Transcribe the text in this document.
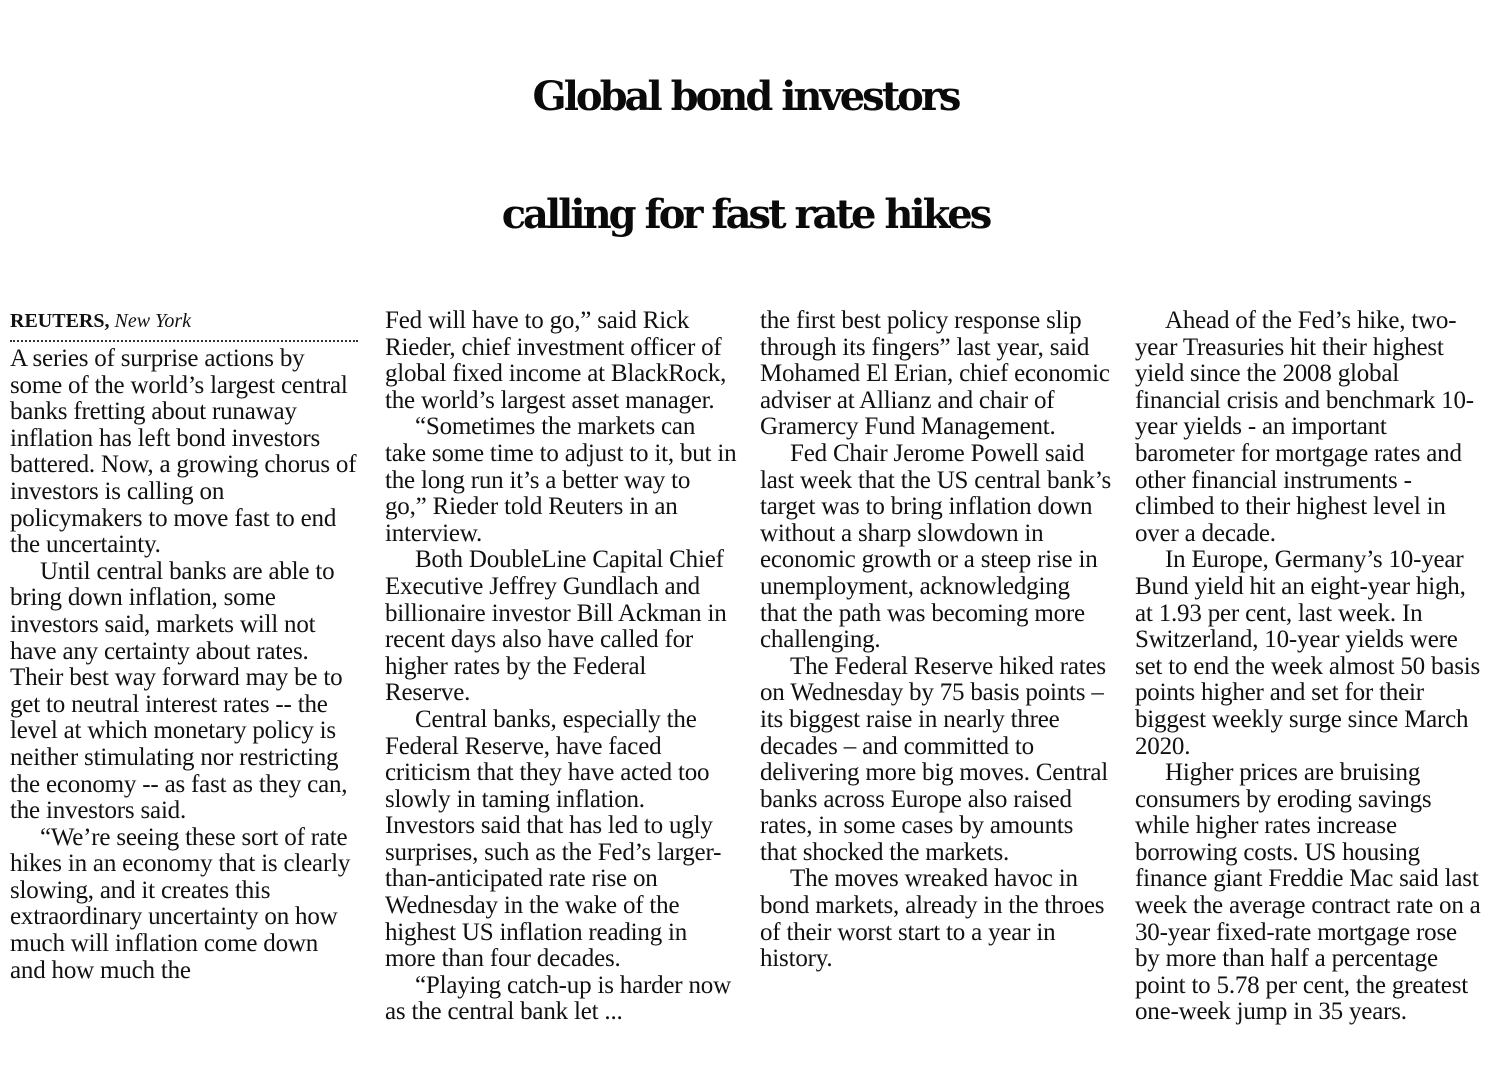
Global bond investors
calling for fast rate hikes
REUTERS, New York

A series of surprise actions by some of the world’s largest central banks fretting about runaway inflation has left bond investors battered. Now, a growing chorus of investors is calling on policymakers to move fast to end the uncertainty.

Until central banks are able to bring down inflation, some investors said, markets will not have any certainty about rates. Their best way forward may be to get to neutral interest rates -- the level at which monetary policy is neither stimulating nor restricting the economy -- as fast as they can, the investors said.

“We’re seeing these sort of rate hikes in an economy that is clearly slowing, and it creates this extraordinary uncertainty on how much will inflation come down and how much the

Fed will have to go,” said Rick Rieder, chief investment officer of global fixed income at BlackRock, the world’s largest asset manager.

“Sometimes the markets can take some time to adjust to it, but in the long run it’s a better way to go,” Rieder told Reuters in an interview.

Both DoubleLine Capital Chief Executive Jeffrey Gundlach and billionaire investor Bill Ackman in recent days also have called for higher rates by the Federal Reserve.

Central banks, especially the Federal Reserve, have faced criticism that they have acted too slowly in taming inflation. Investors said that has led to ugly surprises, such as the Fed’s larger-than-anticipated rate rise on Wednesday in the wake of the highest US inflation reading in more than four decades.

“Playing catch-up is harder now as the central bank let ...

the first best policy response slip through its fingers” last year, said Mohamed El Erian, chief economic adviser at Allianz and chair of Gramercy Fund Management.

Fed Chair Jerome Powell said last week that the US central bank’s target was to bring inflation down without a sharp slowdown in economic growth or a steep rise in unemployment, acknowledging that the path was becoming more challenging.

The Federal Reserve hiked rates on Wednesday by 75 basis points – its biggest raise in nearly three decades – and committed to delivering more big moves. Central banks across Europe also raised rates, in some cases by amounts that shocked the markets.

The moves wreaked havoc in bond markets, already in the throes of their worst start to a year in history.

Ahead of the Fed’s hike, two-year Treasuries hit their highest yield since the 2008 global financial crisis and benchmark 10-year yields - an important barometer for mortgage rates and other financial instruments - climbed to their highest level in over a decade.

In Europe, Germany’s 10-year Bund yield hit an eight-year high, at 1.93 per cent, last week. In Switzerland, 10-year yields were set to end the week almost 50 basis points higher and set for their biggest weekly surge since March 2020.

Higher prices are bruising consumers by eroding savings while higher rates increase borrowing costs. US housing finance giant Freddie Mac said last week the average contract rate on a 30-year fixed-rate mortgage rose by more than half a percentage point to 5.78 per cent, the greatest one-week jump in 35 years.
